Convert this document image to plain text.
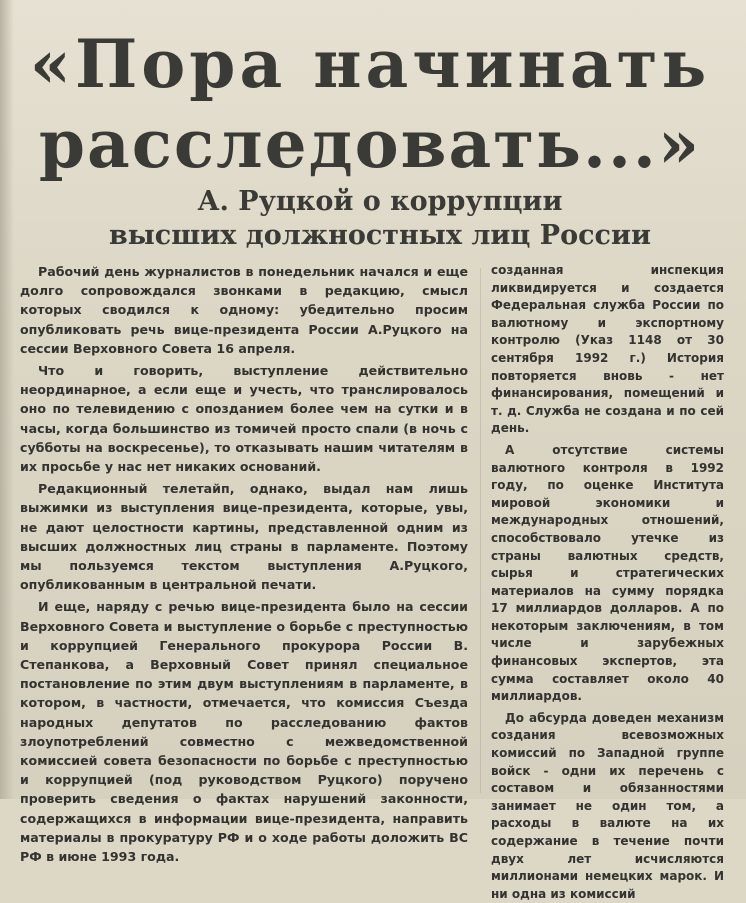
«Пора начинать
расследовать...»
А. Руцкой о коррупции
высших должностных лиц России

Рабочий день журналистов в понедельник начался и еще долго сопровождался звонками в редакцию, смысл которых сводился к одному: убедительно просим опубликовать речь вице-президента России А.Руцкого на сессии Верховного Совета 16 апреля.

Что и говорить, выступление действительно неординарное, а если еще и учесть, что транслировалось оно по телевидению с опозданием более чем на сутки и в часы, когда большинство из томичей просто спали (в ночь с субботы на воскресенье), то отказывать нашим читателям в их просьбе у нас нет никаких оснований.

Редакционный телетайп, однако, выдал нам лишь выжимки из выступления вице-президента, которые, увы, не дают целостности картины, представленной одним из высших должностных лиц страны в парламенте. Поэтому мы пользуемся текстом выступления А.Руцкого, опубликованным в центральной печати.

И еще, наряду с речью вице-президента было на сессии Верховного Совета и выступление о борьбе с преступностью и коррупцией Генерального прокурора России В. Степанкова, а Верховный Совет принял специальное постановление по этим двум выступлениям в парламенте, в котором, в частности, отмечается, что комиссия Съезда народных депутатов по расследованию фактов злоупотреблений совместно с межведомственной комиссией совета безопасности по борьбе с преступностью и коррупцией (под руководством Руцкого) поручено проверить сведения о фактах нарушений законности, содержащихся в информации вице-президента, направить материалы в прокуратуру РФ и о ходе работы доложить ВС РФ в июне 1993 года.

созданная инспекция ликвидируется и создается Федеральная служба России по валютному и экспортному контролю (Указ 1148 от 30 сентября 1992 г.) История повторяется вновь - нет финансирования, помещений и т. д. Служба не создана и по сей день.

А отсутствие системы валютного контроля в 1992 году, по оценке Института мировой экономики и международных отношений, способствовало утечке из страны валютных средств, сырья и стратегических материалов на сумму порядка 17 миллиардов долларов. А по некоторым заключениям, в том числе и зарубежных финансовых экспертов, эта сумма составляет около 40 миллиардов.

До абсурда доведен механизм создания всевозможных комиссий по Западной группе войск - одни их перечень с составом и обязанностями занимает не один том, а расходы в валюте на их содержание в течение почти двух лет исчисляются миллионами немецких марок. И ни одна из комиссий
